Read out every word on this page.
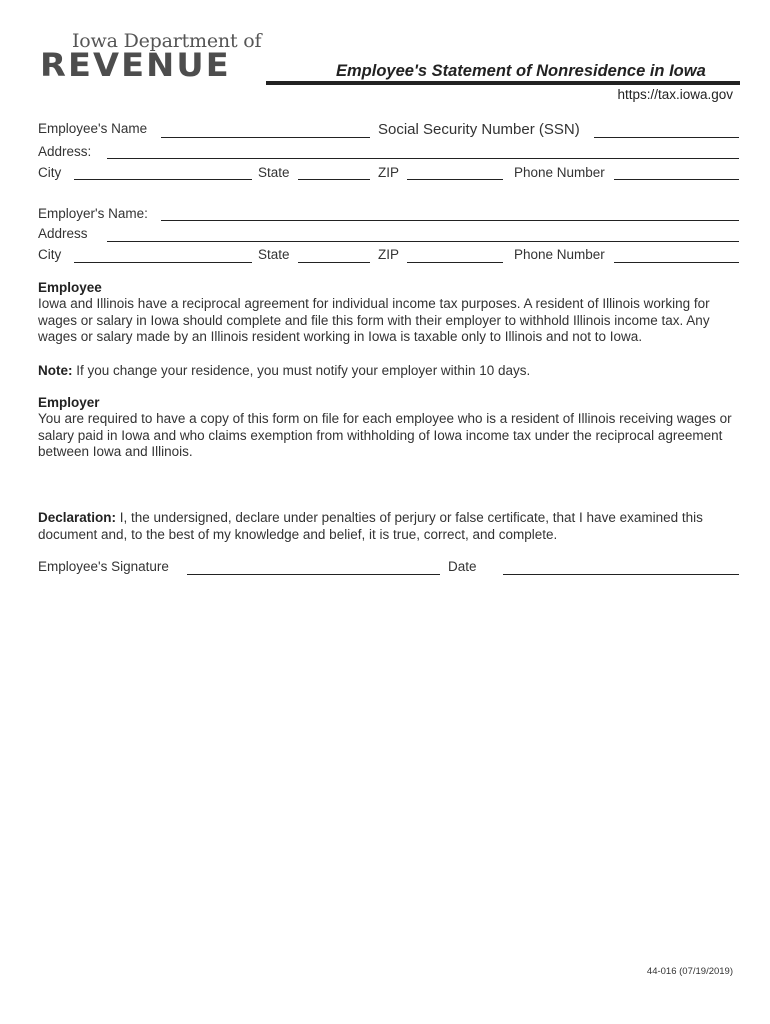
Iowa Department of
REVENUE	Employee's Statement of Nonresidence in Iowa
https://tax.iowa.gov
Employee's Name	Social Security Number (SSN)
Address:
City	State	ZIP	Phone Number
Employer's Name:
Address
City	State	ZIP	Phone Number
Employee
Iowa and Illinois have a reciprocal agreement for individual income tax purposes. A resident of Illinois working for wages or salary in Iowa should complete and file this form with their employer to withhold Illinois income tax. Any wages or salary made by an Illinois resident working in Iowa is taxable only to Illinois and not to Iowa.
Note: If you change your residence, you must notify your employer within 10 days.
Employer
You are required to have a copy of this form on file for each employee who is a resident of Illinois receiving wages or salary paid in Iowa and who claims exemption from withholding of Iowa income tax under the reciprocal agreement between Iowa and Illinois.
Declaration: I, the undersigned, declare under penalties of perjury or false certificate, that I have examined this document and, to the best of my knowledge and belief, it is true, correct, and complete.
Employee's Signature	Date
44-016 (07/19/2019)
